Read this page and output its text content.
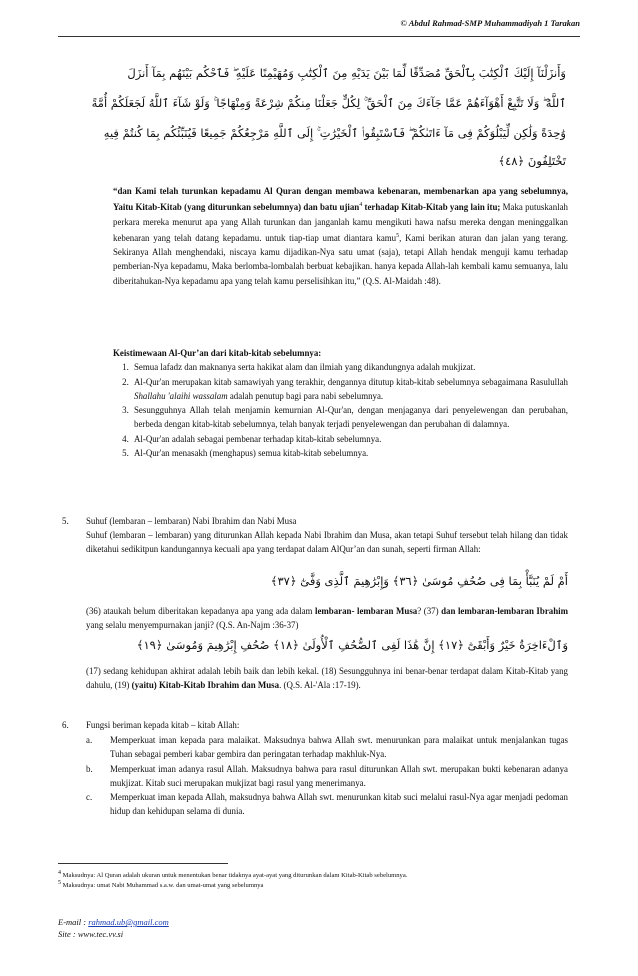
© Abdul Rahmad-SMP Muhammadiyah 1 Tarakan
وَأَنزَلْنَآ إِلَيْكَ ٱلْكِتَٰبَ بِٱلْحَقِّ مُصَدِّقًا لِّمَا بَيْنَ يَدَيْهِ مِنَ ٱلْكِتَٰبِ وَمُهَيْمِنًا عَلَيْهِ ۖ فَٱحْكُم بَيْنَهُم بِمَآ أَنزَلَ
ٱللَّهُ ۖ وَلَا تَتَّبِعْ أَهْوَآءَهُمْ عَمَّا جَآءَكَ مِنَ ٱلْحَقِّ ۚ لِكُلٍّ جَعَلْنَا مِنكُمْ شِرْعَةً وَمِنْهَاجًا ۚ وَلَوْ شَآءَ ٱللَّهُ لَجَعَلَكُمْ أُمَّةً
وَٰحِدَةً وَلَٰكِن لِّيَبْلُوَكُمْ فِى مَآ ءَاتَىٰكُمْ ۖ فَٱسْتَبِقُوا۟ ٱلْخَيْرَٰتِ ۚ إِلَى ٱللَّهِ مَرْجِعُكُمْ جَمِيعًا فَيُنَبِّئُكُم بِمَا كُنتُمْ فِيهِ
تَخْتَلِفُونَ ﴿٤٨﴾
“dan Kami telah turunkan kepadamu Al Quran dengan membawa kebenaran, membenarkan apa yang sebelumnya, Yaitu Kitab-Kitab (yang diturunkan sebelumnya) dan batu ujian$^4$ terhadap Kitab-Kitab yang lain itu; Maka putuskanlah perkara mereka menurut apa yang Allah turunkan dan janganlah kamu mengikuti hawa nafsu mereka dengan meninggalkan kebenaran yang telah datang kepadamu. untuk tiap-tiap umat diantara kamu$^5$, Kami berikan aturan dan jalan yang terang. Sekiranya Allah menghendaki, niscaya kamu dijadikan-Nya satu umat (saja), tetapi Allah hendak menguji kamu terhadap pemberian-Nya kepadamu, Maka berlomba-lombalah berbuat kebajikan. hanya kepada Allah-lah kembali kamu semuanya, lalu diberitahukan-Nya kepadamu apa yang telah kamu perselisihkan itu,” (Q.S. Al-Maidah :48).
Keistimewaan Al-Qur’an dari kitab-kitab sebelumnya:
1. Semua lafadz dan maknanya serta hakikat alam dan ilmiah yang dikandungnya adalah mukjizat.
2. Al-Qur'an merupakan kitab samawiyah yang terakhir, dengannya ditutup kitab-kitab sebelumnya sebagaimana Rasulullah Shallahu 'alaihi wassalam adalah penutup bagi para nabi sebelumnya.
3. Sesungguhnya Allah telah menjamin kemurnian Al-Qur'an, dengan menjaganya dari penyelewengan dan perubahan, berbeda dengan kitab-kitab sebelumnya, telah banyak terjadi penyelewengan dan perubahan di dalamnya.
4. Al-Qur'an adalah sebagai pembenar terhadap kitab-kitab sebelumnya.
5. Al-Qur'an menasakh (menghapus) semua kitab-kitab sebelumnya.
5. Suhuf (lembaran – lembaran) Nabi Ibrahim dan Nabi Musa
Suhuf (lembaran – lembaran) yang diturunkan Allah kepada Nabi Ibrahim dan Musa, akan tetapi Suhuf tersebut telah hilang dan tidak diketahui sedikitpun kandungannya kecuali apa yang terdapat dalam AlQur’an dan sunah, seperti firman Allah:
أَمْ لَمْ يُنَبَّأْ بِمَا فِى صُحُفِ مُوسَىٰ ﴿٣٦﴾ وَإِبْرَٰهِيمَ ٱلَّذِى وَفَّىٰٓ ﴿٣٧﴾
(36) ataukah belum diberitakan kepadanya apa yang ada dalam lembaran- lembaran Musa? (37) dan lembaran-lembaran Ibrahim yang selalu menyempurnakan janji? (Q.S. An-Najm :36-37)
وَٱلْءَاخِرَةُ خَيْرٌ وَأَبْقَىٰٓ ﴿١٧﴾ إِنَّ هَٰذَا لَفِى ٱلصُّحُفِ ٱلْأُولَىٰ ﴿١٨﴾ صُحُفِ إِبْرَٰهِيمَ وَمُوسَىٰ ﴿١٩﴾
(17) sedang kehidupan akhirat adalah lebih baik dan lebih kekal. (18) Sesungguhnya ini benar-benar terdapat dalam Kitab-Kitab yang dahulu, (19) (yaitu) Kitab-Kitab Ibrahim dan Musa. (Q.S. Al-'Ala :17-19).
6. Fungsi beriman kepada kitab – kitab Allah:
a.	Memperkuat iman kepada para malaikat. Maksudnya bahwa Allah swt. menurunkan para malaikat untuk menjalankan tugas Tuhan sebagai pemberi kabar gembira dan peringatan terhadap makhluk-Nya.
b.	Memperkuat iman adanya rasul Allah. Maksudnya bahwa para rasul diturunkan Allah swt. merupakan bukti kebenaran adanya mukjizat. Kitab suci merupakan mukjizat bagi rasul yang menerimanya.
c.	Memperkuat iman kepada Allah, maksudnya bahwa Allah swt. menurunkan kitab suci melalui rasul-Nya agar menjadi pedoman hidup dan kehidupan selama di dunia.
4 Maksudnya: Al Quran adalah ukuran untuk menentukan benar tidaknya ayat-ayat yang diturunkan dalam Kitab-Kitab sebelumnya.
5 Maksudnya: umat Nabi Muhammad s.a.w. dan umat-umat yang sebelumnya
E-mail : rahmad.ub@gmail.com
Site : www.tec.vv.si
